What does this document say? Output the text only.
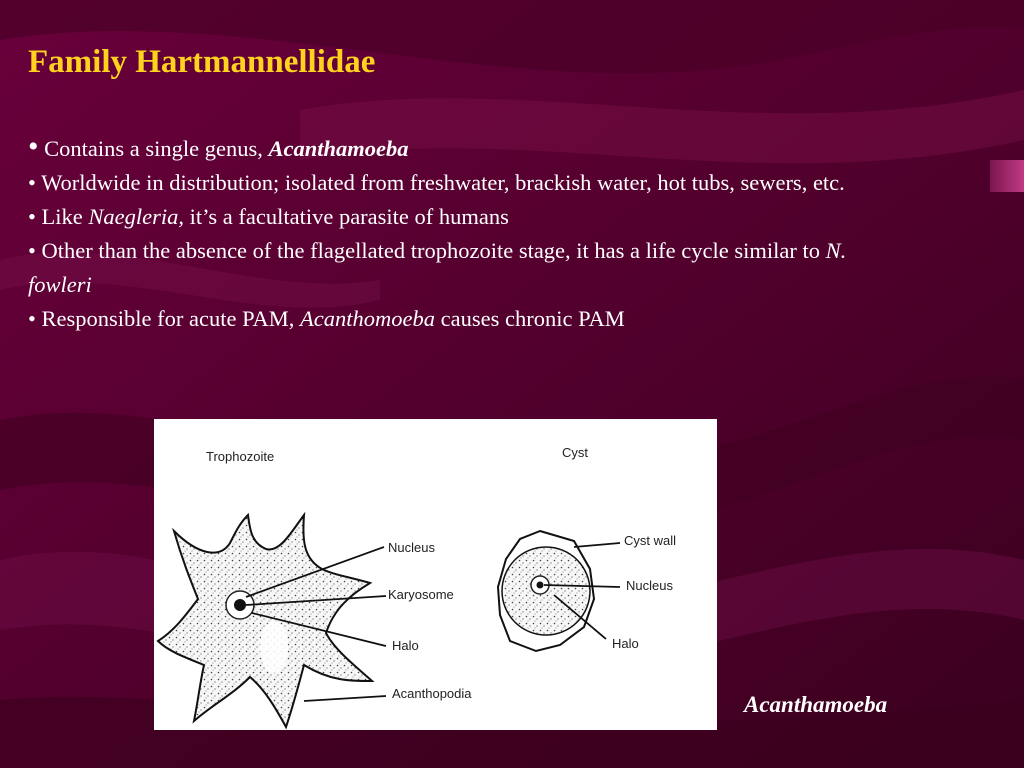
Family Hartmannellidae

• Contains a single genus, Acanthamoeba

• Worldwide in distribution; isolated from freshwater, brackish water, hot tubs, sewers, etc.

• Like Naegleria, it’s a facultative parasite of humans

• Other than the absence of the flagellated trophozoite stage, it has a life cycle similar to N. fowleri

• Responsible for acute PAM, Acanthomoeba causes chronic PAM

Trophozoite	Cyst
Nucleus
Karyosome
Halo
Acanthopodia
Cyst wall
Nucleus
Halo
Acanthamoeba
